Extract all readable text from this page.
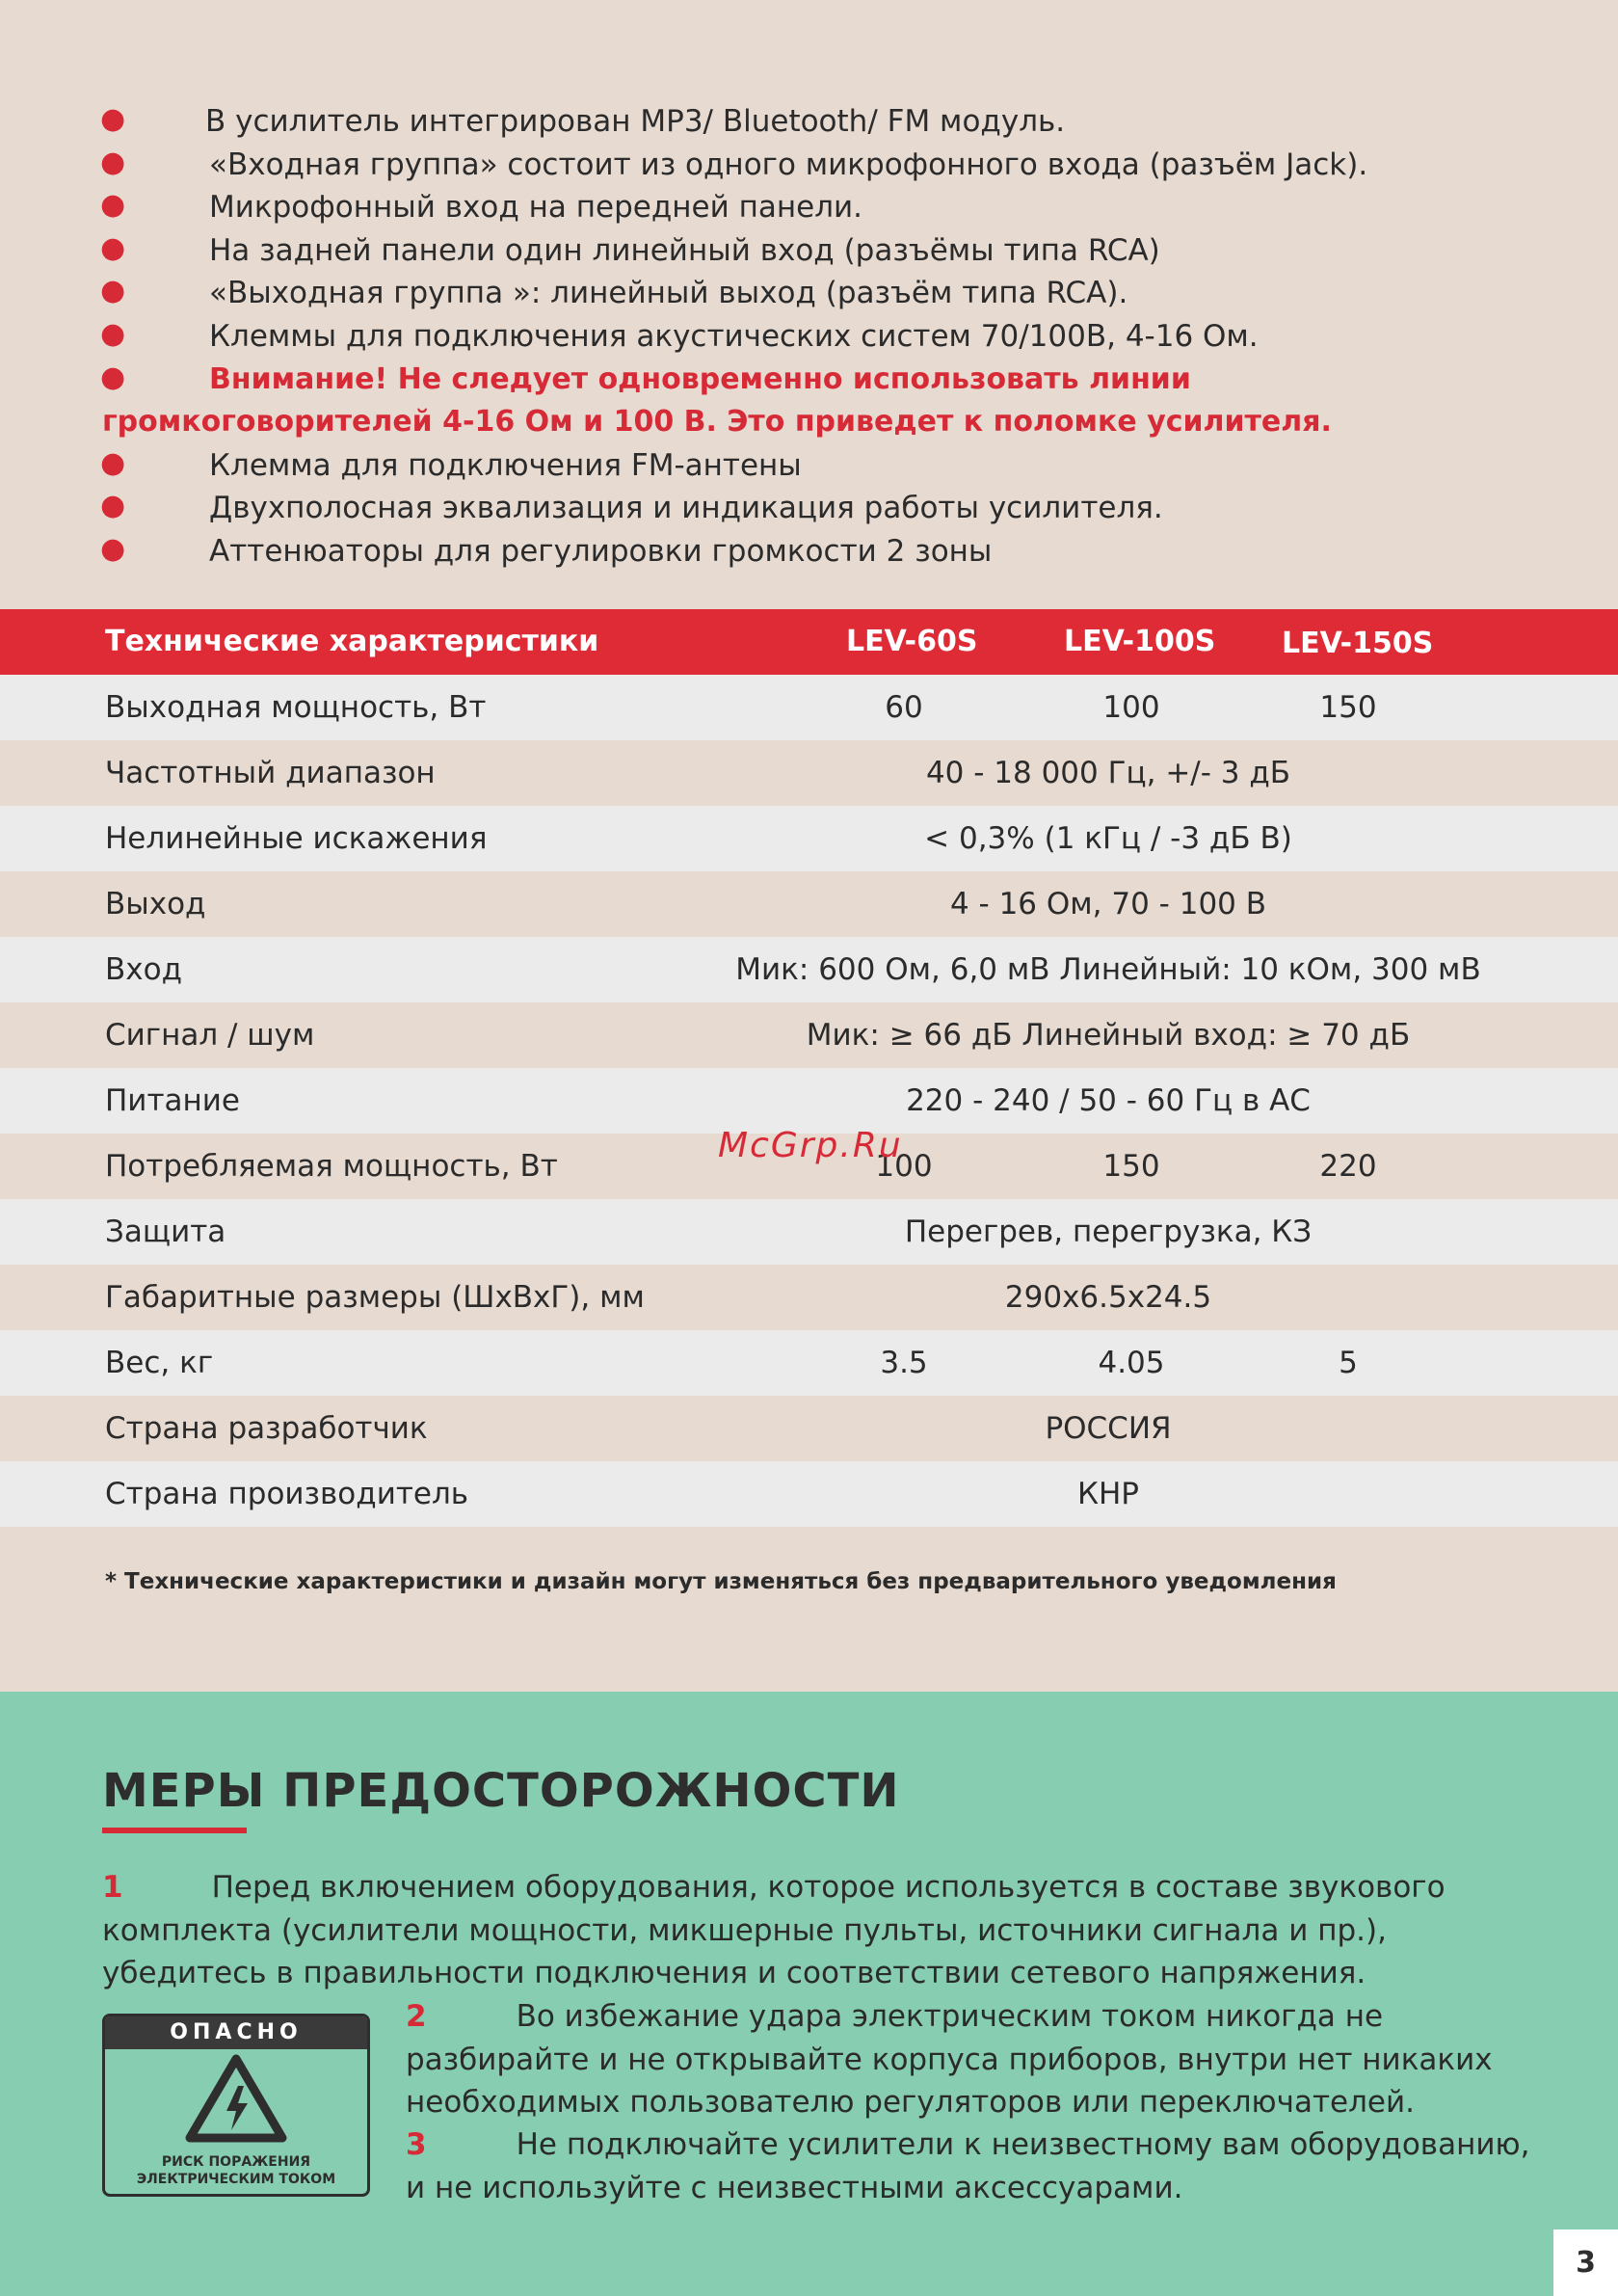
●	В усилитель интегрирован МР3/ Bluetooth/ FM модуль.
●	«Входная группа» состоит из одного микрофонного входа (разъём Jack).
●	Микрофонный вход на передней панели.
●	На задней панели один линейный вход (разъёмы типа RCA)
●	«Выходная группа »: линейный выход (разъём типа RCA).
●	Клеммы для подключения акустических систем 70/100В, 4-16 Ом.
●	Внимание! Не следует одновременно использовать линии
громкоговорителей 4-16 Ом и 100 В. Это приведет к поломке усилителя.
●	Клемма для подключения FM-антены
●	Двухполосная эквализация и индикация работы усилителя.
●	Аттенюаторы для регулировки громкости 2 зоны
Технические характеристики	LEV-60S	LEV-100S LEV-150S
Выходная мощность, Вт	60	100	150
Частотный диапазон	40 - 18 000 Гц, +/- 3 дБ
Нелинейные искажения	< 0,3% (1 кГц / -3 дБ В)
Выход	4 - 16 Ом, 70 - 100 В
Вход	Мик: 600 Ом, 6,0 мВ Линейный: 10 кОм, 300 мВ
Сигнал / шум	Мик: ≥ 66 дБ Линейный вход: ≥ 70 дБ
Питание	220 - 240 / 50 - 60 Гц в АС
Потребляемая мощность, Вт	100	150	220
Защита	Перегрев, перегрузка, КЗ
Габаритные размеры (ШхВхГ), мм	290х6.5х24.5
Вес, кг	3.5	4.05	5
Страна разработчик	РОССИЯ
Страна производитель	КНР
* Технические характеристики и дизайн могут изменяться без предварительного уведомления
McGrp.Ru
МЕРЫ ПРЕДОСТОРОЖНОСТИ
1	Перед включением оборудования, которое используется в составе звукового
комплекта (усилители мощности, микшерные пульты, источники сигнала и пр.),
убедитесь в правильности подключения и соответствии сетевого напряжения.
2	Во избежание удара электрическим током никогда не
разбирайте и не открывайте корпуса приборов, внутри нет никаких
необходимых пользователю регуляторов или переключателей.
3	Не подключайте усилители к неизвестному вам оборудованию,
и не используйте с неизвестными аксессуарами.
ОПАСНО
РИСК ПОРАЖЕНИЯ
ЭЛЕКТРИЧЕСКИМ ТОКОМ
3
